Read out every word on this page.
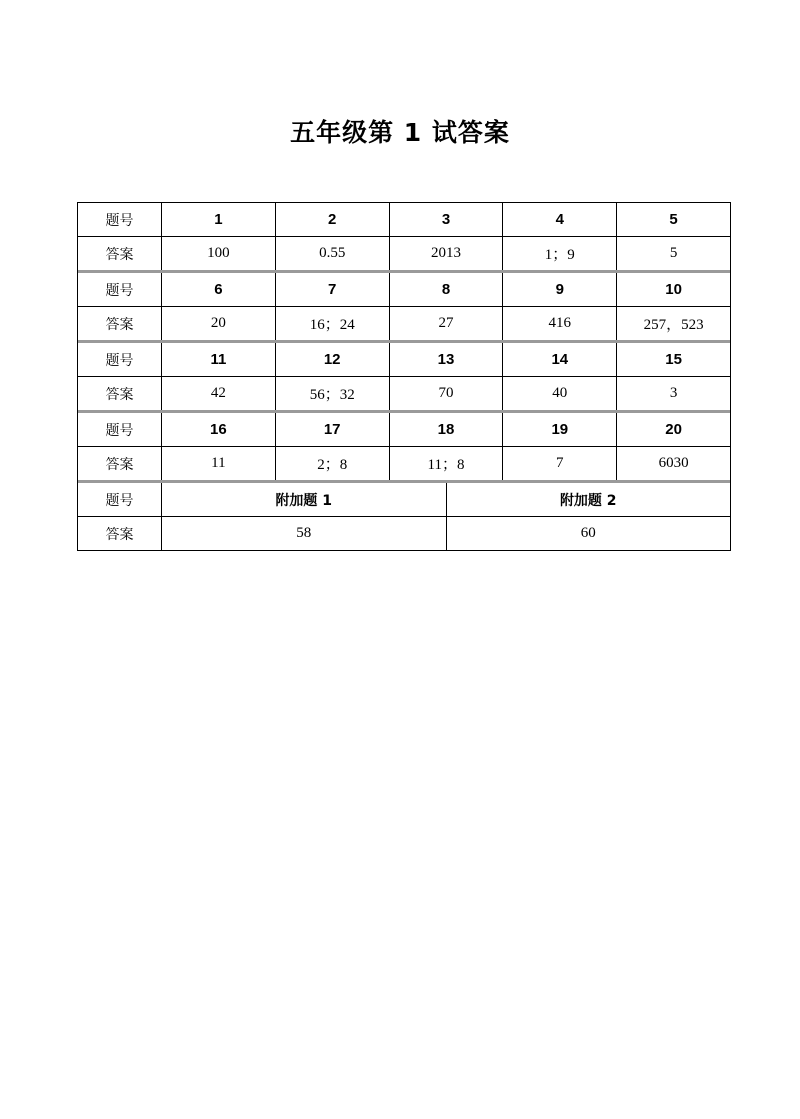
五年级第 1 试答案
题号	1	2	3	4	5
答案	100	0.55	2013	1；9	5
题号	6	7	8	9	10
答案	20	16；24	27	416	257，523
题号	11	12	13	14	15
答案	42	56；32	70	40	3
题号	16	17	18	19	20
答案	11	2；8	11；8	7	6030
题号	附加题 1	附加题 2
答案	58	60
